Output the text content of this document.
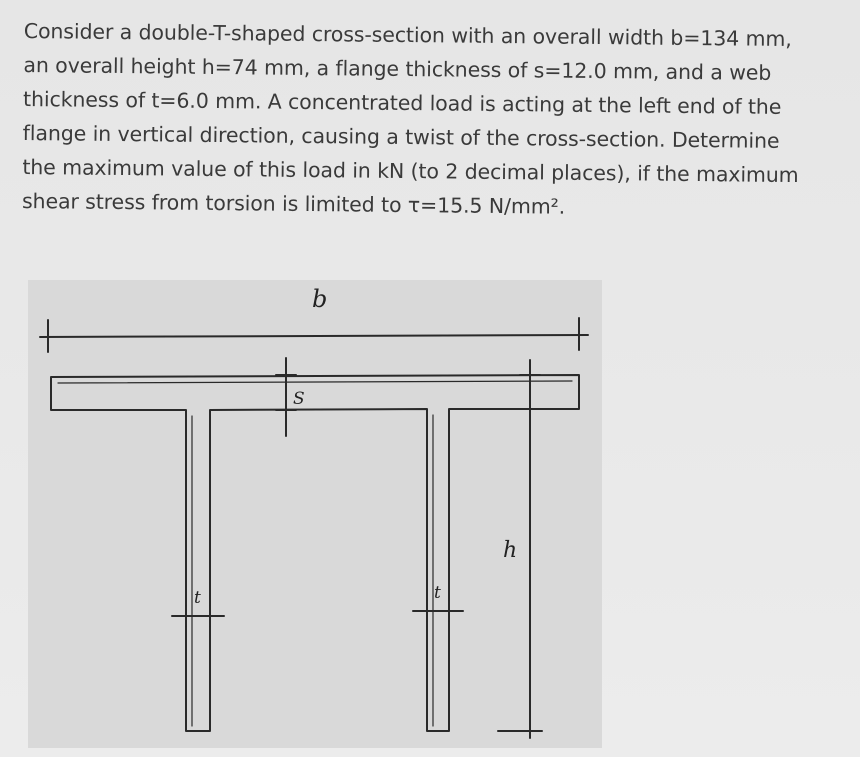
Consider a double-T-shaped cross-section with an overall width b=134 mm,
an overall height h=74 mm, a flange thickness of s=12.0 mm, and a web
thickness of t=6.0 mm. A concentrated load is acting at the left end of the
flange in vertical direction, causing a twist of the cross-section. Determine
the maximum value of this load in kN (to 2 decimal places), if the maximum
shear stress from torsion is limited to τ=15.5 N/mm².
b
S
h
t	t
